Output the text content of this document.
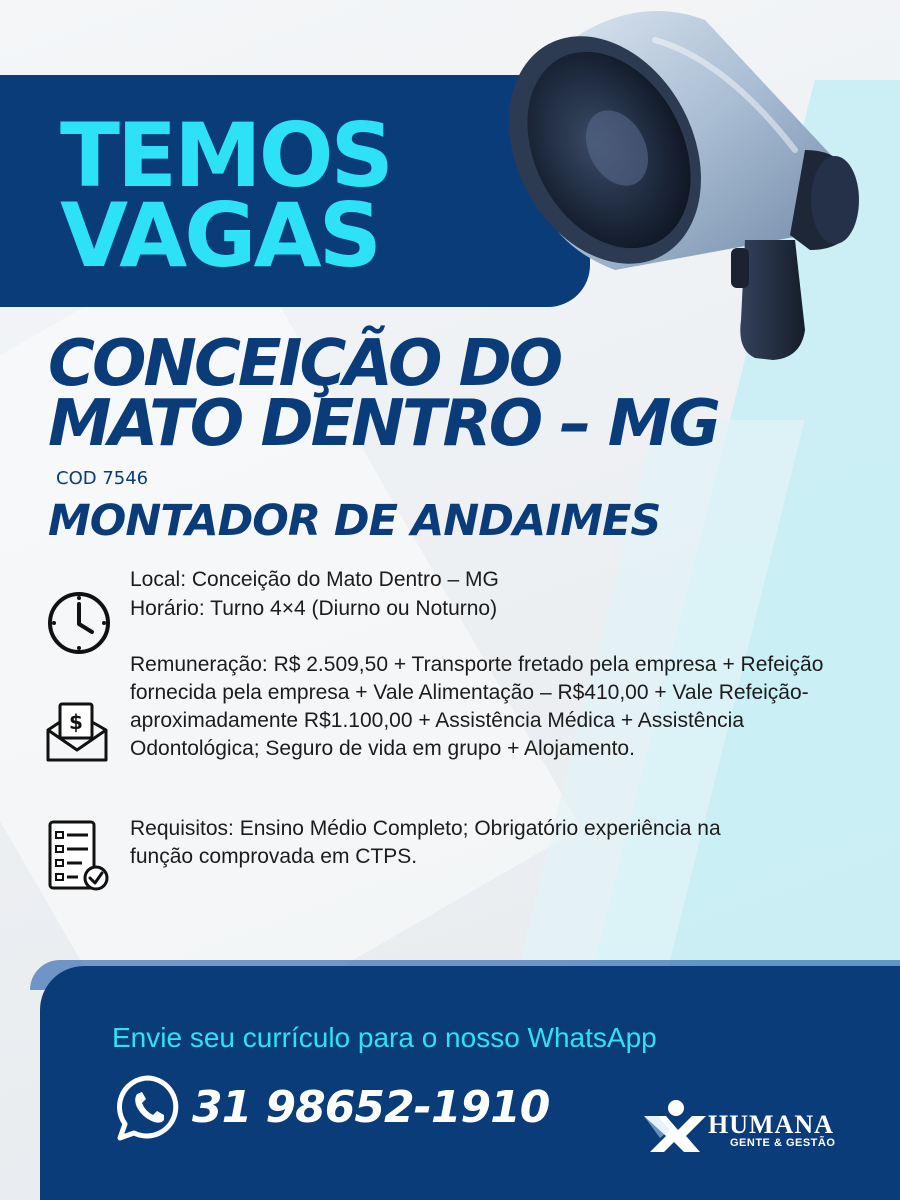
TEMOS
VAGAS
CONCEIÇÃO DO
MATO DENTRO – MG
COD 7546
MONTADOR DE ANDAIMES

Local: Conceição do Mato Dentro – MG

Horário: Turno 4×4 (Diurno ou Noturno)

$

Remuneração: R$ 2.509,50 + Transporte fretado pela empresa + Refeição fornecida pela empresa + Vale Alimentação – R$410,00 + Vale Refeição- aproximadamente R$1.100,00 + Assistência Médica + Assistência Odontológica; Seguro de vida em grupo + Alojamento.

Requisitos: Ensino Médio Completo; Obrigatório experiência na função comprovada em CTPS.

Envie seu currículo para o nosso WhatsApp

31 98652-1910	HUMANA

GENTE & GESTÃO
